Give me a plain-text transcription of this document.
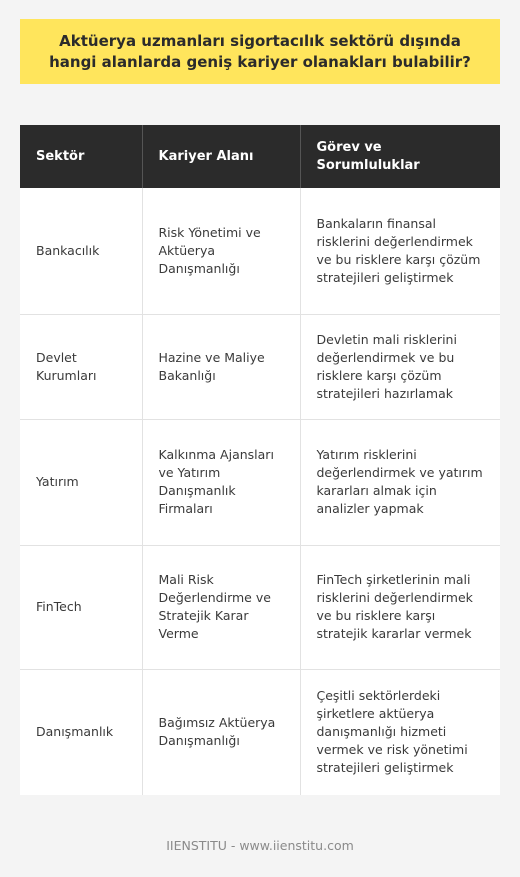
Aktüerya uzmanları sigortacılık sektörü dışında hangi alanlarda geniş kariyer olanakları bulabilir?
Sektör	Kariyer Alanı	Görev ve Sorumluluklar
Bankacılık	Risk Yönetimi ve Aktüerya Danışmanlığı	Bankaların finansal risklerini değerlendirmek ve bu risklere karşı çözüm stratejileri geliştirmek
Devlet Kurumları	Hazine ve Maliye Bakanlığı	Devletin mali risklerini değerlendirmek ve bu risklere karşı çözüm stratejileri hazırlamak
Yatırım	Kalkınma Ajansları ve Yatırım Danışmanlık Firmaları	Yatırım risklerini değerlendirmek ve yatırım kararları almak için analizler yapmak
FinTech	Mali Risk Değerlendirme ve Stratejik Karar Verme	FinTech şirketlerinin mali risklerini değerlendirmek ve bu risklere karşı stratejik kararlar vermek
Danışmanlık	Bağımsız Aktüerya Danışmanlığı	Çeşitli sektörlerdeki şirketlere aktüerya danışmanlığı hizmeti vermek ve risk yönetimi stratejileri geliştirmek
IIENSTITU - www.iienstitu.com
